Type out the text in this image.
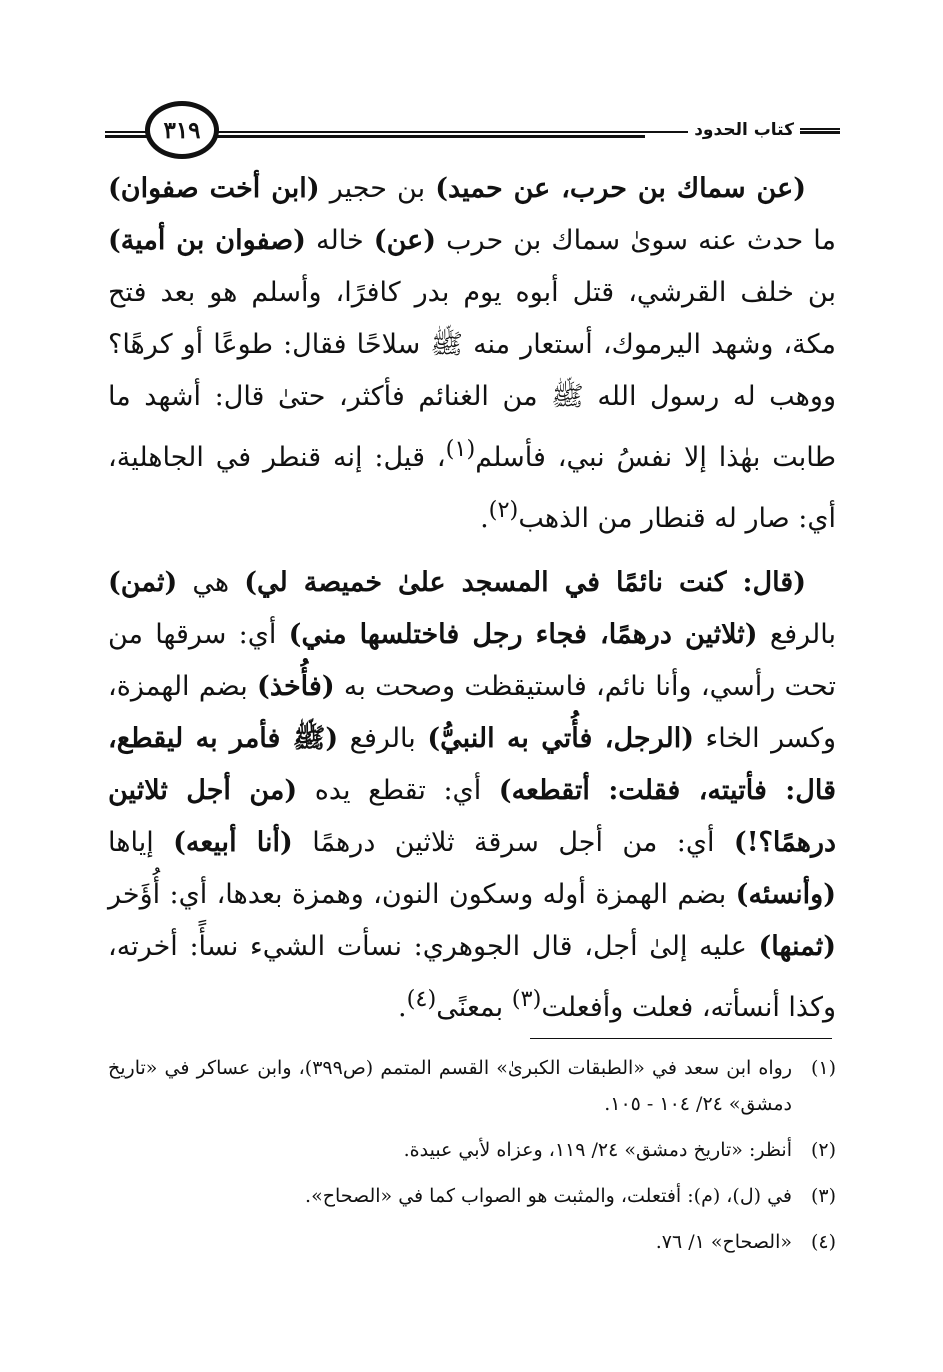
كتاب الحدود
٣١٩

(عن سماك بن حرب، عن حميد) بن حجير (ابن أخت صفوان) ما حدث عنه سوىٰ سماك بن حرب (عن) خاله (صفوان بن أمية) بن خلف القرشي، قتل أبوه يوم بدر كافرًا، وأسلم هو بعد فتح مكة، وشهد اليرموك، أستعار منه ﷺ سلاحًا فقال: طوعًا أو كرهًا؟ ووهب له رسول الله ﷺ من الغنائم فأكثر، حتىٰ قال: أشهد ما طابت بهٰذا إلا نفسُ نبي، فأسلم$^{(١)}$، قيل: إنه قنطر في الجاهلية، أي: صار له قنطار من الذهب$^{(٢)}$.

(قال: كنت نائمًا في المسجد علىٰ خميصة لي) هي (ثمن) بالرفع (ثلاثين درهمًا، فجاء رجل فاختلسها مني) أي: سرقها من تحت رأسي، وأنا نائم، فاستيقظت وصحت به (فأُخذ) بضم الهمزة، وكسر الخاء (الرجل، فأُتي به النبيُّ) بالرفع (ﷺ فأمر به ليقطع، قال: فأتيته، فقلت: أتقطعه) أي: تقطع يده (من أجل ثلاثين درهمًا؟!) أي: من أجل سرقة ثلاثين درهمًا (أنا أبيعه) إياها (وأنسئه) بضم الهمزة أوله وسكون النون، وهمزة بعدها، أي: أُؤَخر (ثمنها) عليه إلىٰ أجل، قال الجوهري: نسأت الشيء نسأً: أخرته، وكذا أنسأته، فعلت وأفعلت$^{(٣)}$ بمعنًى$^{(٤)}$.

(١)
رواه ابن سعد في «الطبقات الكبرىٰ» القسم المتمم (ص٣٩٩)، وابن عساكر في «تاريخ دمشق» ٢٤/ ١٠٤ - ١٠٥.
(٢)
أنظر: «تاريخ دمشق» ٢٤/ ١١٩، وعزاه لأبي عبيدة.
(٣)
في (ل)، (م): أفتعلت، والمثبت هو الصواب كما في «الصحاح».
(٤)
«الصحاح» ١/ ٧٦.
